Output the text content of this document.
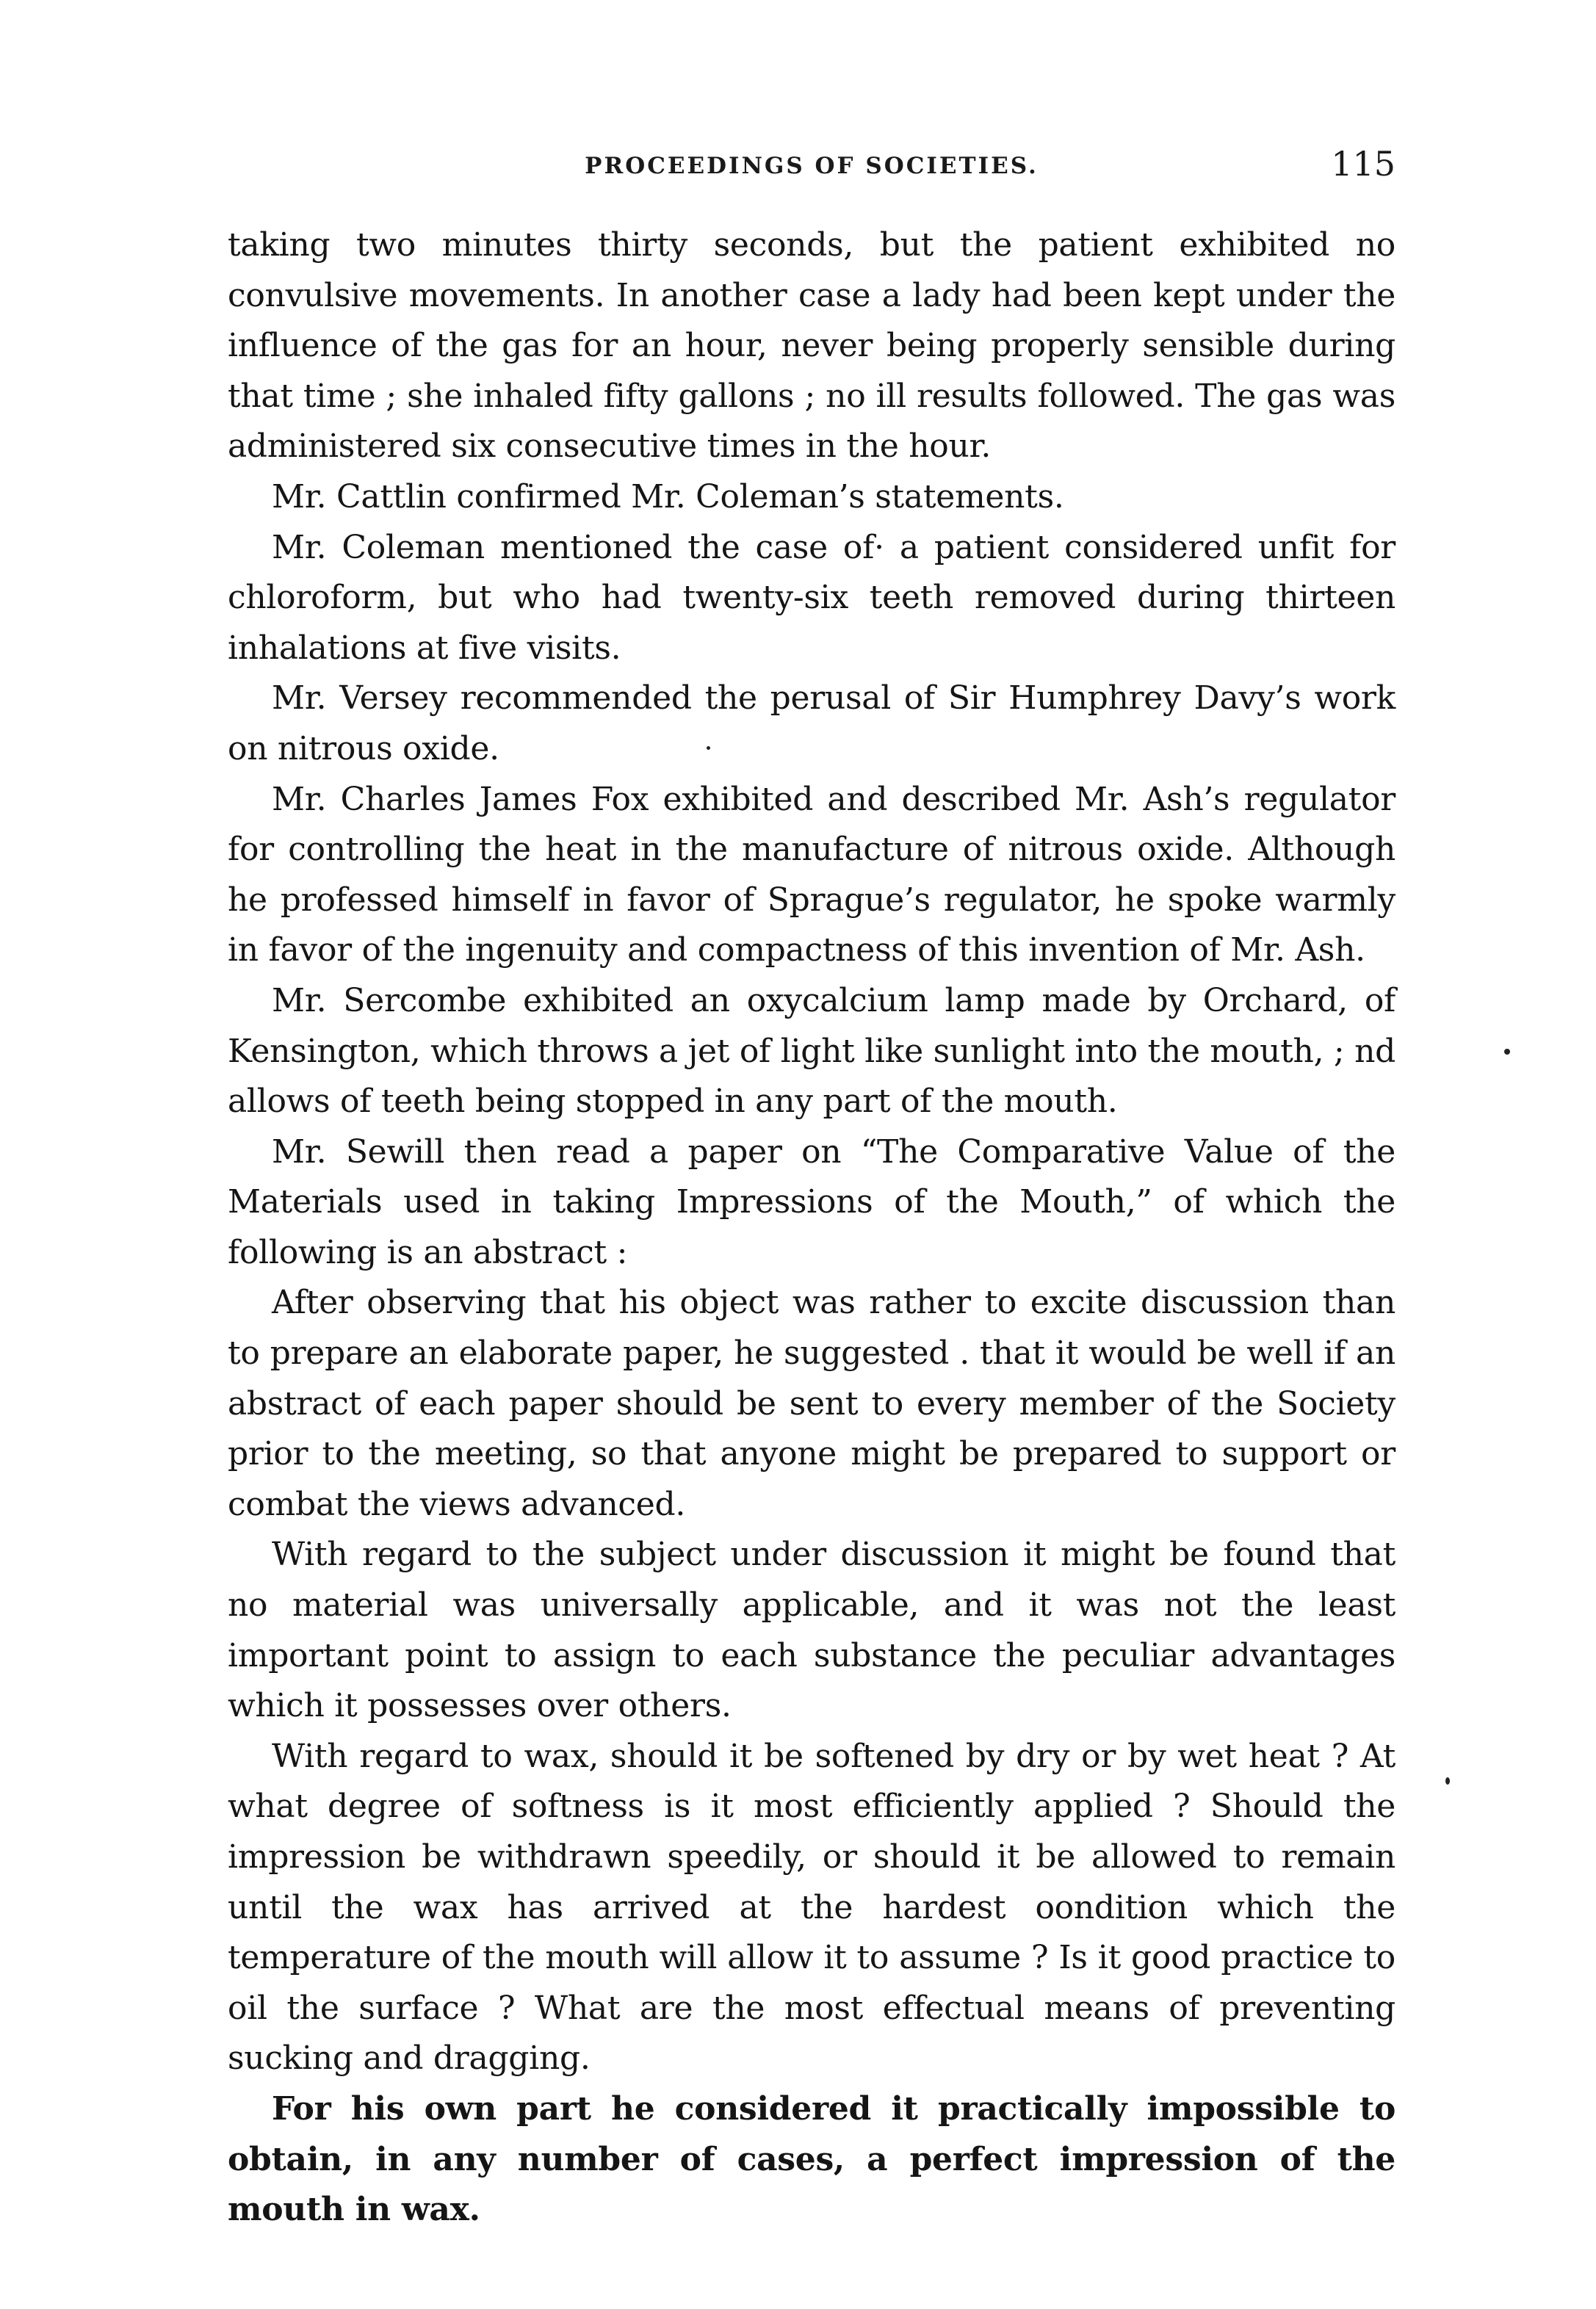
PROCEEDINGS OF SOCIETIES.	115

taking two minutes thirty seconds, but the patient exhibited no convulsive movements. In another case a lady had been kept under the influence of the gas for an hour, never being properly sensible during that time ; she inhaled fifty gallons ; no ill results followed. The gas was administered six consecutive times in the hour.

Mr. Cattlin confirmed Mr. Coleman’s statements.

Mr. Coleman mentioned the case of· a patient considered unfit for chloroform, but who had twenty-six teeth removed during thirteen inhalations at five visits.

Mr. Versey recommended the perusal of Sir Humphrey Davy’s work on nitrous oxide.

Mr. Charles James Fox exhibited and described Mr. Ash’s regulator for controlling the heat in the manufacture of nitrous oxide. Although he professed himself in favor of Sprague’s regulator, he spoke warmly in favor of the ingenuity and compactness of this invention of Mr. Ash.

Mr. Sercombe exhibited an oxycalcium lamp made by Orchard, of Kensington, which throws a jet of light like sunlight into the mouth, ; nd allows of teeth being stopped in any part of the mouth.

Mr. Sewill then read a paper on “The Comparative Value of the Materials used in taking Impressions of the Mouth,” of which the following is an abstract :

After observing that his object was rather to excite discussion than to prepare an elaborate paper, he suggested . that it would be well if an abstract of each paper should be sent to every member of the Society prior to the meeting, so that anyone might be prepared to support or combat the views advanced.

With regard to the subject under discussion it might be found that no material was universally applicable, and it was not the least important point to assign to each substance the peculiar advantages which it possesses over others.

With regard to wax, should it be softened by dry or by wet heat ? At what degree of softness is it most efficiently applied ? Should the impression be withdrawn speedily, or should it be allowed to remain until the wax has arrived at the hardest oondition which the temperature of the mouth will allow it to assume ? Is it good practice to oil the surface ? What are the most effectual means of preventing sucking and dragging.

For his own part he considered it practically impossible to obtain, in any number of cases, a perfect impression of the mouth in wax.
